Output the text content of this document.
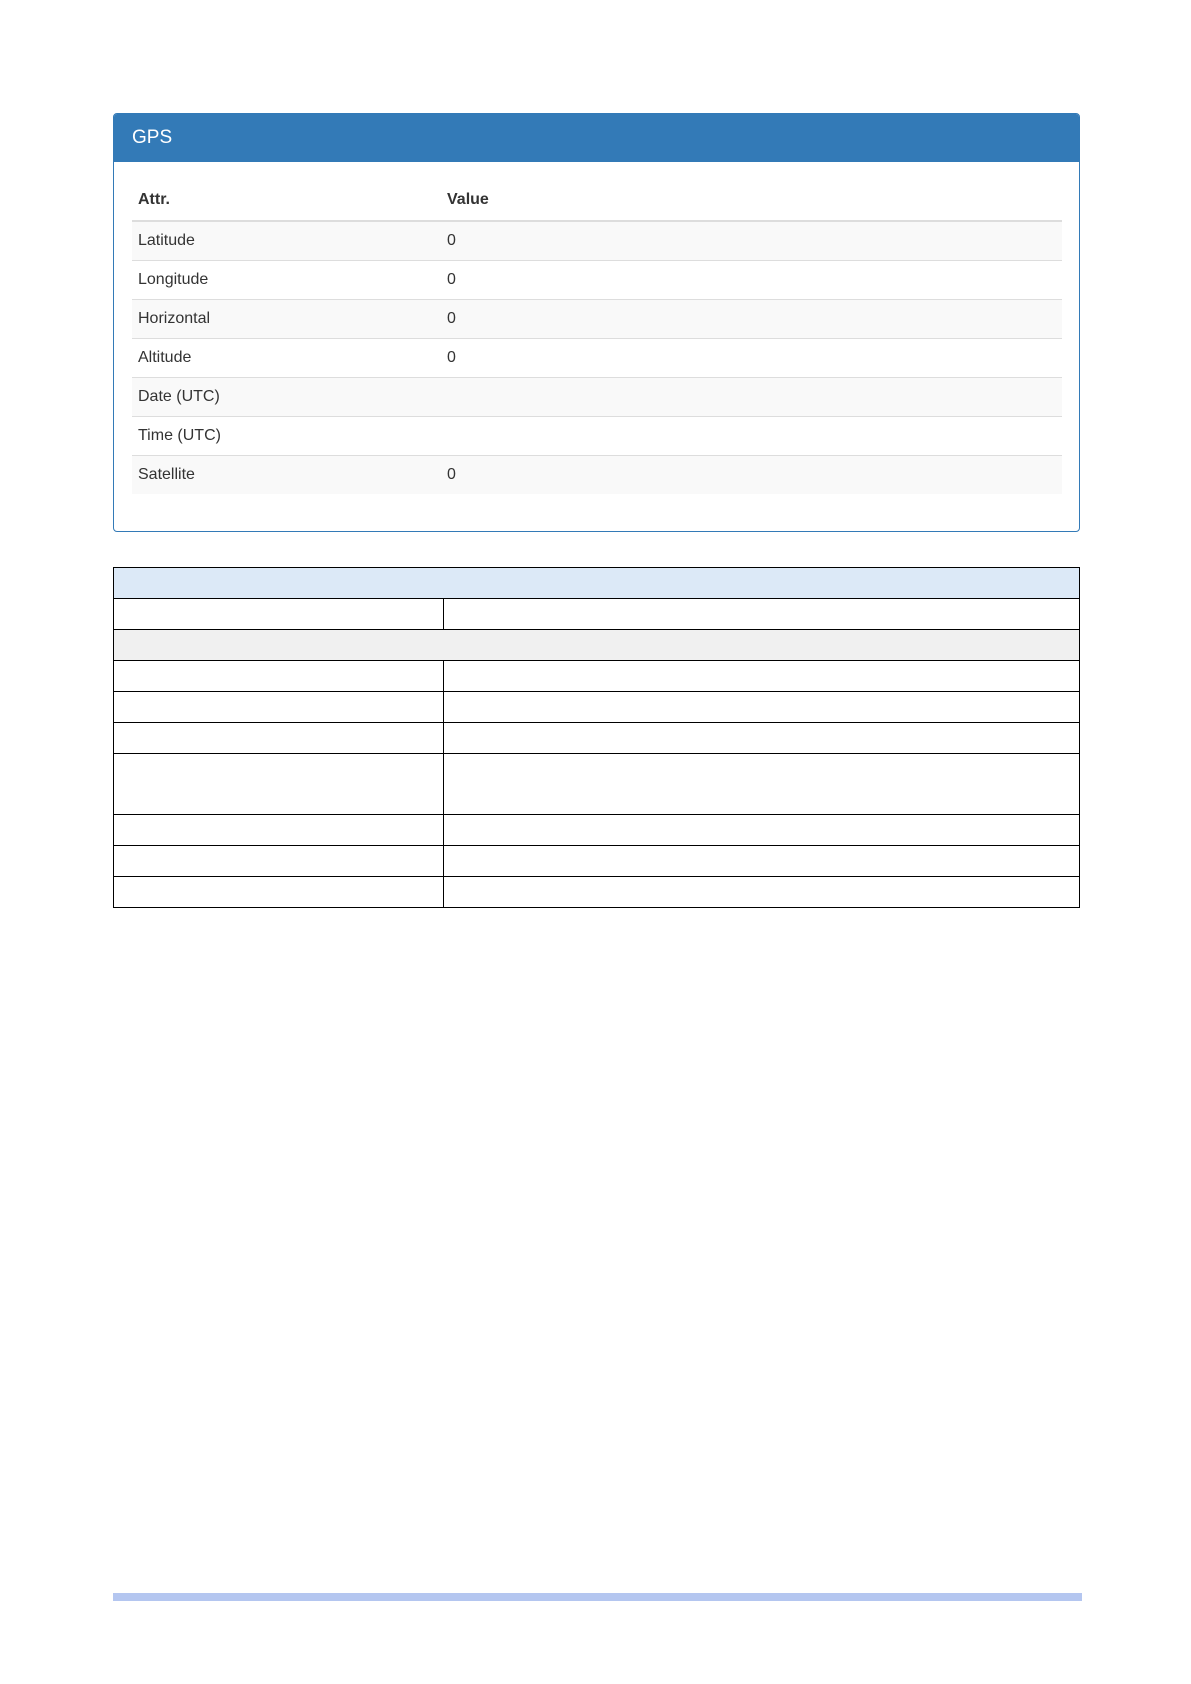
GPS
Attr.	Value
Latitude	0
Longitude	0
Horizontal	0
Altitude	0
Date (UTC)	
Time (UTC)	
Satellite	0
